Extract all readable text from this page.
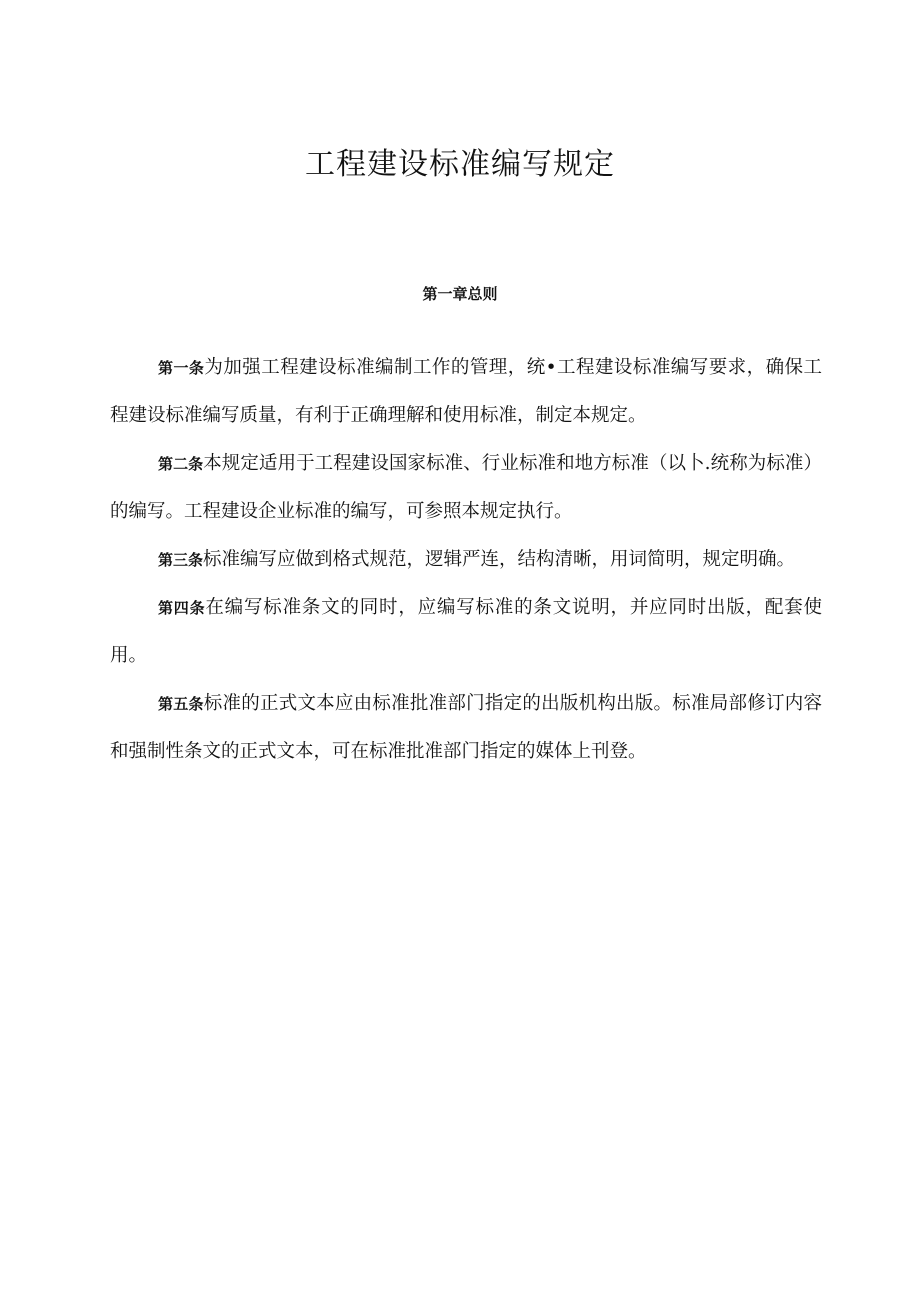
工程建设标准编写规定
第一章总则

第一条为加强工程建设标准编制工作的管理，统•工程建设标准编写要求，确保工程建设标准编写质量，有利于正确理解和使用标准，制定本规定。

第二条本规定适用于工程建设国家标准、行业标准和地方标准（以卜.统称为标准）的编写。工程建设企业标准的编写，可参照本规定执行。

第三条标准编写应做到格式规范，逻辑严连，结构清晰，用词简明，规定明确。

第四条在编写标准条文的同时，应编写标准的条文说明，并应同时出版，配套使用。

第五条标准的正式文本应由标准批准部门指定的出版机构出版。标准局部修订内容和强制性条文的正式文本，可在标准批准部门指定的媒体上刊登。
